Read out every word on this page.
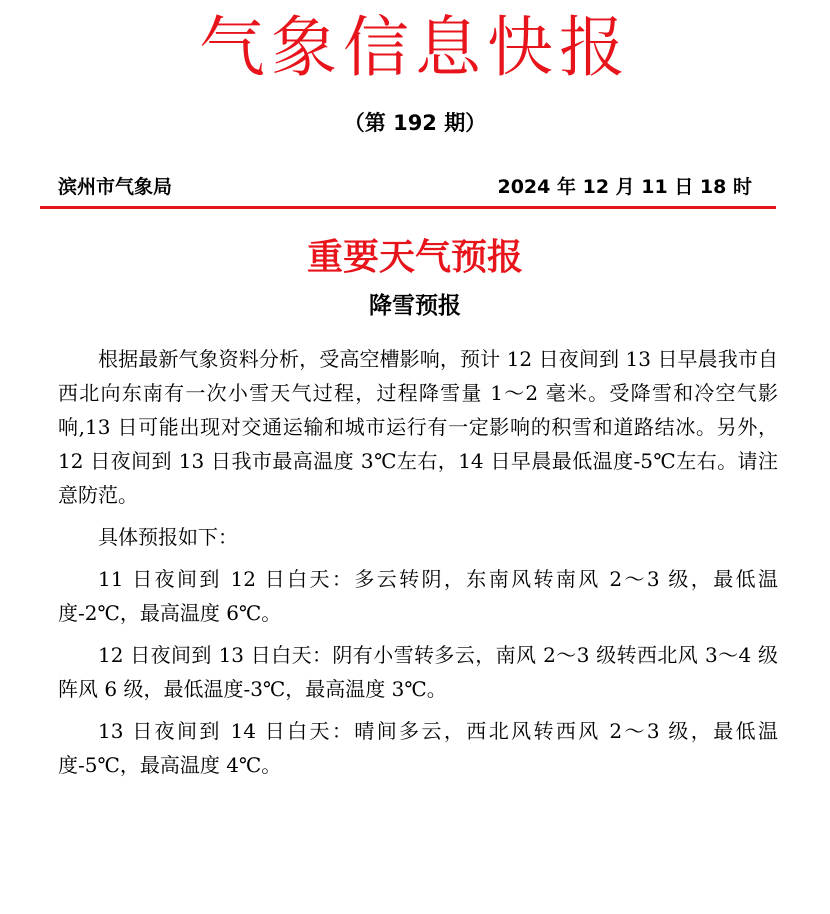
气象信息快报
（第 192 期）
滨州市气象局	2024 年 12 月 11 日 18 时
重要天气预报
降雪预报

根据最新气象资料分析，受高空槽影响，预计 12 日夜间到 13 日早晨我市自西北向东南有一次小雪天气过程，过程降雪量 1～2 毫米。受降雪和冷空气影响,13 日可能出现对交通运输和城市运行有一定影响的积雪和道路结冰。另外，12 日夜间到 13 日我市最高温度 3℃左右，14 日早晨最低温度-5℃左右。请注意防范。

具体预报如下：

11 日夜间到 12 日白天：多云转阴，东南风转南风 2～3 级，最低温度-2℃，最高温度 6℃。

12 日夜间到 13 日白天：阴有小雪转多云，南风 2～3 级转西北风 3～4 级阵风 6 级，最低温度-3℃，最高温度 3℃。

13 日夜间到 14 日白天：晴间多云，西北风转西风 2～3 级，最低温度-5℃，最高温度 4℃。
